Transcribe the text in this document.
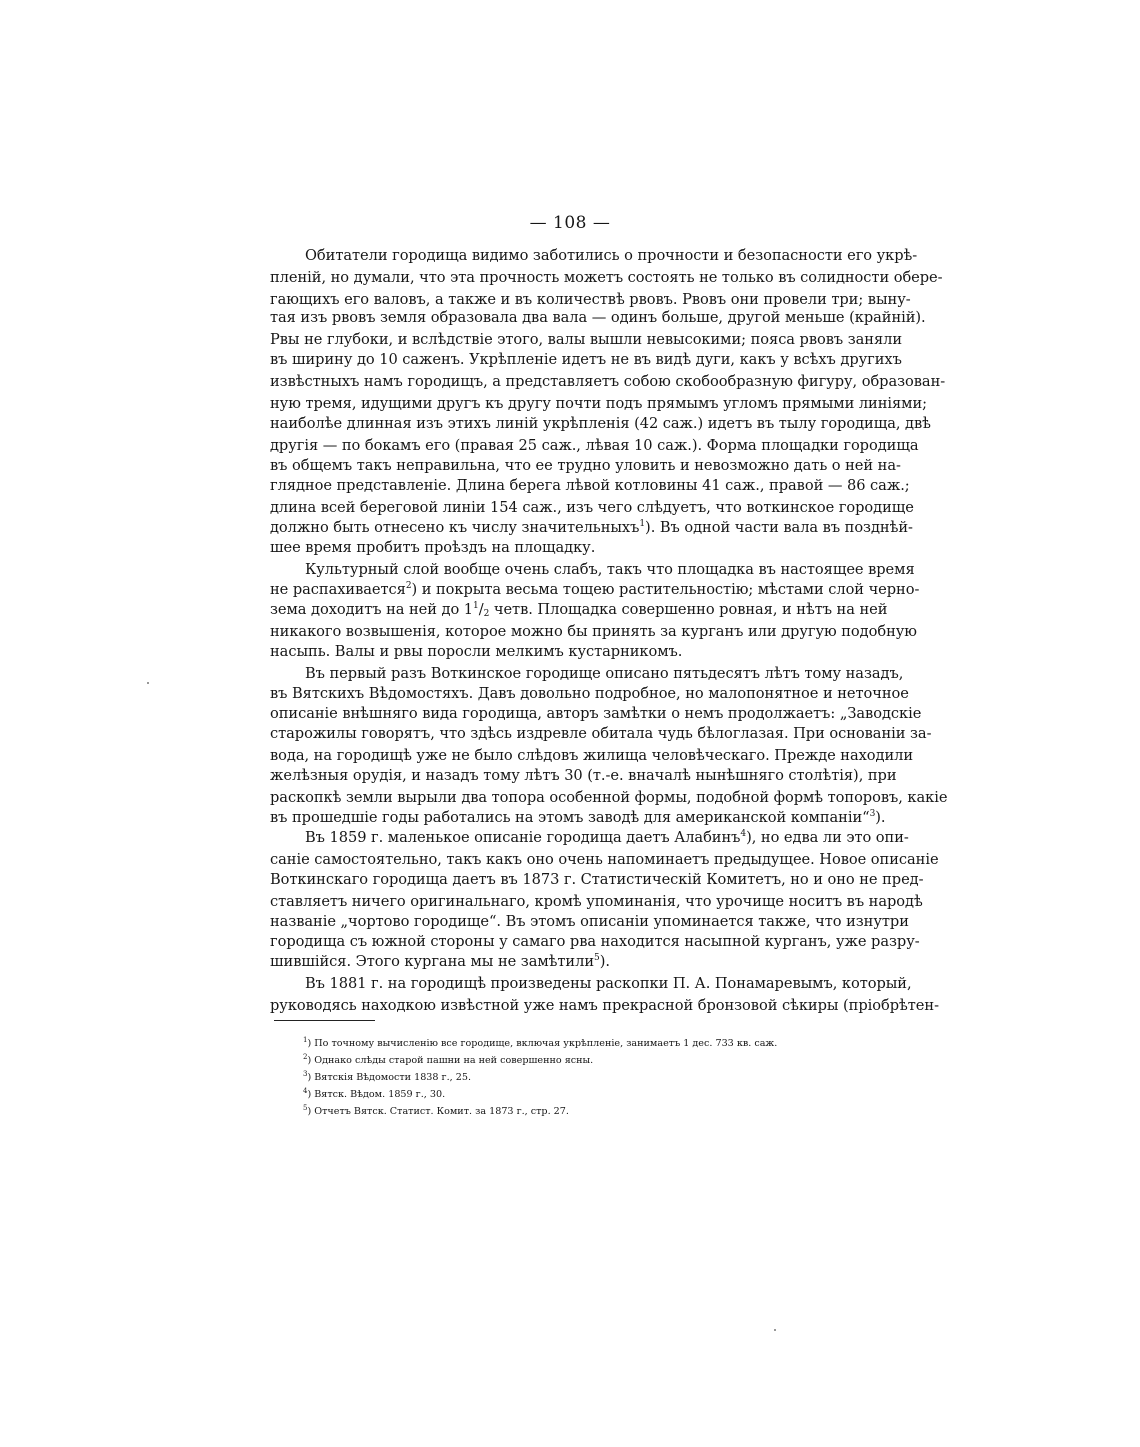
— 108 —
Обитатели городища видимо заботились о прочности и безопасности его укрѣ-
пленій, но думали, что эта прочность можетъ состоять не только въ солидности обере-
гающихъ его валовъ, а также и въ количествѣ рвовъ. Рвовъ они провели три; выну-
тая изъ рвовъ земля образовала два вала — одинъ больше, другой меньше (крайній).
Рвы не глубоки, и вслѣдствіе этого, валы вышли невысокими; пояса рвовъ заняли
въ ширину до 10 саженъ. Укрѣпленіе идетъ не въ видѣ дуги, какъ у всѣхъ другихъ
извѣстныхъ намъ городищъ, а представляетъ собою скобообразную фигуру, образован-
ную тремя, идущими другъ къ другу почти подъ прямымъ угломъ прямыми линіями;
наиболѣе длинная изъ этихъ линій укрѣпленія (42 саж.) идетъ въ тылу городища, двѣ
другія — по бокамъ его (правая 25 саж., лѣвая 10 саж.). Форма площадки городища
въ общемъ такъ неправильна, что ее трудно уловить и невозможно дать о ней на-
глядное представленіе. Длина берега лѣвой котловины 41 саж., правой — 86 саж.;
длина всей береговой линіи 154 саж., изъ чего слѣдуетъ, что воткинское городище
должно быть отнесено къ числу значительныхъ$^1$). Въ одной части вала въ позднѣй-
шее время пробитъ проѣздъ на площадку.
Культурный слой вообще очень слабъ, такъ что площадка въ настоящее время
не распахивается$^2$) и покрыта весьма тощею растительностію; мѣстами слой черно-
зема доходитъ на ней до $1^1/_2$ четв. Площадка совершенно ровная, и нѣтъ на ней
никакого возвышенія, которое можно бы принять за курганъ или другую подобную
насыпь. Валы и рвы поросли мелкимъ кустарникомъ.
Въ первый разъ Воткинское городище описано пятьдесятъ лѣтъ тому назадъ,
въ Вятскихъ Вѣдомостяхъ. Давъ довольно подробное, но малопонятное и неточное
описаніе внѣшняго вида городища, авторъ замѣтки о немъ продолжаетъ: „Заводскіе
старожилы говорятъ, что здѣсь издревле обитала чудь бѣлоглазая. При основаніи за-
вода, на городищѣ уже не было слѣдовъ жилища человѣческаго. Прежде находили
желѣзныя орудія, и назадъ тому лѣтъ 30 (т.-е. вначалѣ нынѣшняго столѣтія), при
раскопкѣ земли вырыли два топора особенной формы, подобной формѣ топоровъ, какіе
въ прошедшіе годы работались на этомъ заводѣ для американской компаніи“$^3$).
Въ 1859 г. маленькое описаніе городища даетъ Алабинъ$^4$), но едва ли это опи-
саніе самостоятельно, такъ какъ оно очень напоминаетъ предыдущее. Новое описаніе
Воткинскаго городища даетъ въ 1873 г. Статистическій Комитетъ, но и оно не пред-
ставляетъ ничего оригинальнаго, кромѣ упоминанія, что урочище носитъ въ народѣ
названіе „чортово городище“. Въ этомъ описаніи упоминается также, что изнутри
городища съ южной стороны у самаго рва находится насыпной курганъ, уже разру-
шившійся. Этого кургана мы не замѣтили$^5$).
Въ 1881 г. на городищѣ произведены раскопки П. А. Понамаревымъ, который,
руководясь находкою извѣстной уже намъ прекрасной бронзовой сѣкиры (пріобрѣтен-
$^1$) По точному вычисленію все городище, включая укрѣпленіе, занимаетъ 1 дес. 733 кв. саж.
$^2$) Однако слѣды старой пашни на ней совершенно ясны.
$^3$) Вятскія Вѣдомости 1838 г., 25.
$^4$) Вятск. Вѣдом. 1859 г., 30.
$^5$) Отчетъ Вятск. Статист. Комит. за 1873 г., стр. 27.
